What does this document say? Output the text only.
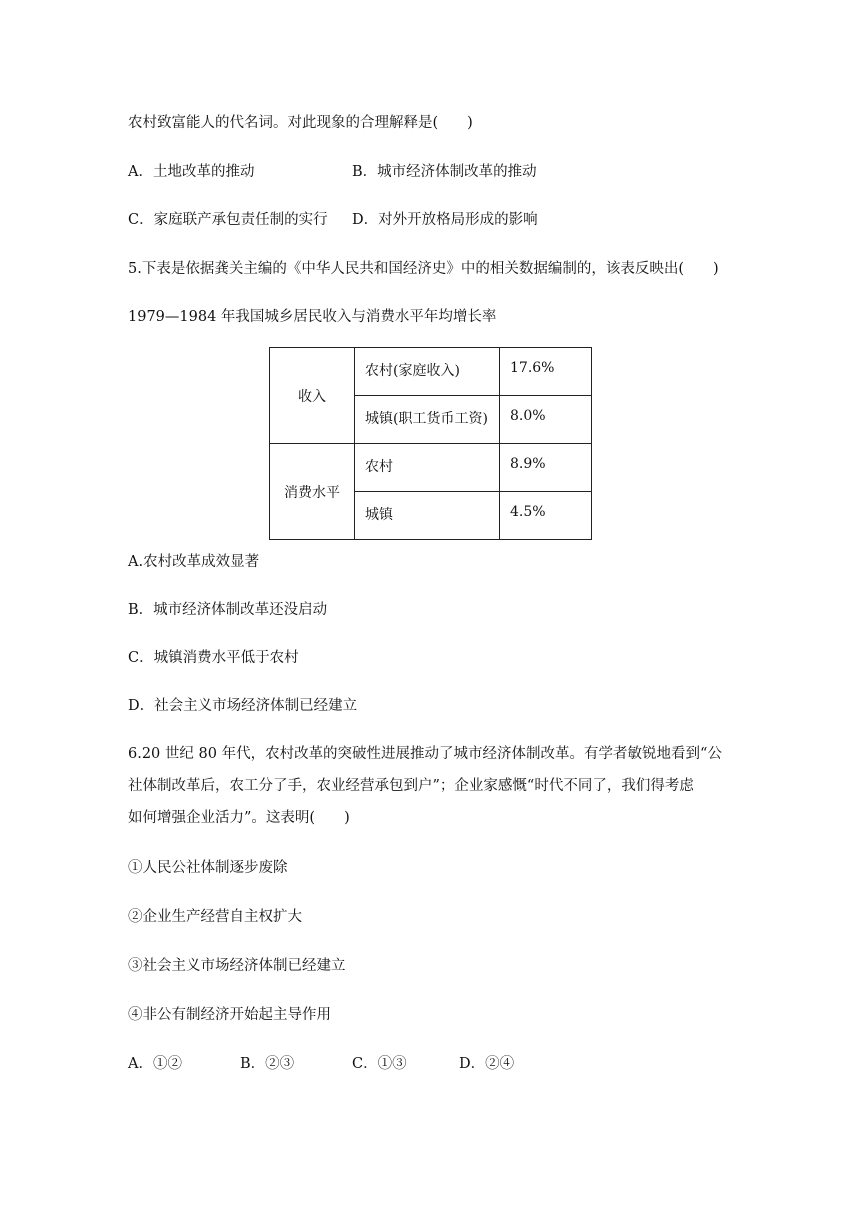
农村致富能人的代名词。对此现象的合理解释是(　　)
A．土地改革的推动	B．城市经济体制改革的推动
C．家庭联产承包责任制的实行 D．对外开放格局形成的影响
5.下表是依据龚关主编的《中华人民共和国经济史》中的相关数据编制的，该表反映出(　　)
1979—1984 年我国城乡居民收入与消费水平年均增长率
收入	农村(家庭收入)	17.6%
	城镇(职工货币工资)	8.0%
消费水平	农村	8.9%
	城镇	4.5%
A.农村改革成效显著
B．城市经济体制改革还没启动
C．城镇消费水平低于农村
D．社会主义市场经济体制已经建立
6.20 世纪 80 年代，农村改革的突破性进展推动了城市经济体制改革。有学者敏锐地看到“公
社体制改革后，农工分了手，农业经营承包到户”；企业家感慨“时代不同了，我们得考虑
如何增强企业活力”。这表明(　　)
①人民公社体制逐步废除
②企业生产经营自主权扩大
③社会主义市场经济体制已经建立
④非公有制经济开始起主导作用
A．①②	B．②③	C．①③	D．②④
